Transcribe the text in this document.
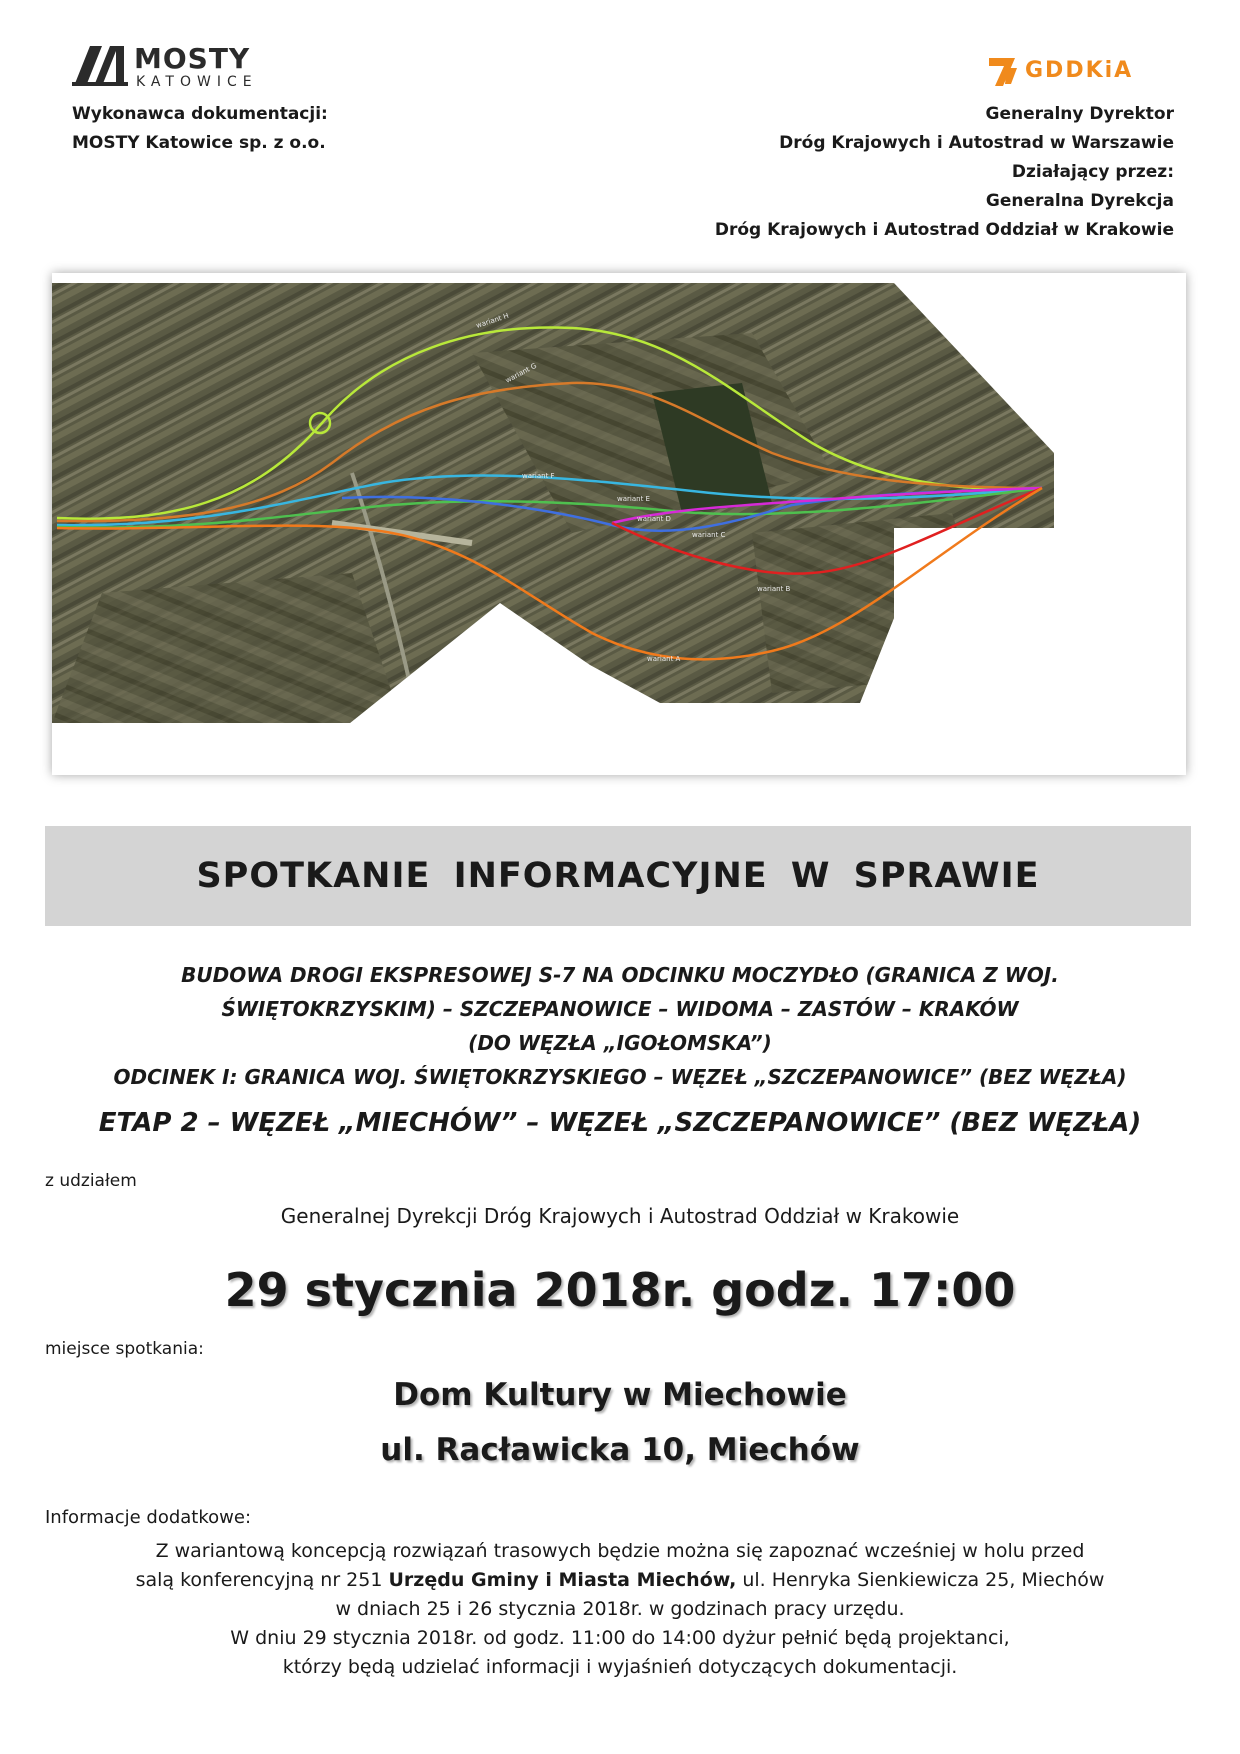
MOSTY
KATOWICE	GDDKiA
Wykonawca dokumentacji:
MOSTY Katowice sp. z o.o.
Generalny Dyrektor
Dróg Krajowych i Autostrad w Warszawie
Działający przez:
Generalna Dyrekcja
Dróg Krajowych i Autostrad Oddział w Krakowie
wariant H
wariant G
wariant F
wariant E
wariant D
wariant C
wariant B
wariant A
SPOTKANIE INFORMACYJNE W SPRAWIE
BUDOWA DROGI EKSPRESOWEJ S-7 NA ODCINKU MOCZYDŁO (GRANICA Z WOJ.
ŚWIĘTOKRZYSKIM) – SZCZEPANOWICE – WIDOMA – ZASTÓW – KRAKÓW
(DO WĘZŁA „IGOŁOMSKA”)
ODCINEK I: GRANICA WOJ. ŚWIĘTOKRZYSKIEGO – WĘZEŁ „SZCZEPANOWICE” (BEZ WĘZŁA)
ETAP 2 – WĘZEŁ „MIECHÓW” – WĘZEŁ „SZCZEPANOWICE” (BEZ WĘZŁA)
z udziałem
Generalnej Dyrekcji Dróg Krajowych i Autostrad Oddział w Krakowie
29 stycznia 2018r. godz. 17:00
miejsce spotkania:
Dom Kultury w Miechowie
ul. Racławicka 10, Miechów
Informacje dodatkowe:
Z wariantową koncepcją rozwiązań trasowych będzie można się zapoznać wcześniej w holu przed
salą konferencyjną nr 251 Urzędu Gminy i Miasta Miechów, ul. Henryka Sienkiewicza 25, Miechów
w dniach 25 i 26 stycznia 2018r. w godzinach pracy urzędu.
W dniu 29 stycznia 2018r. od godz. 11:00 do 14:00 dyżur pełnić będą projektanci,
którzy będą udzielać informacji i wyjaśnień dotyczących dokumentacji.
